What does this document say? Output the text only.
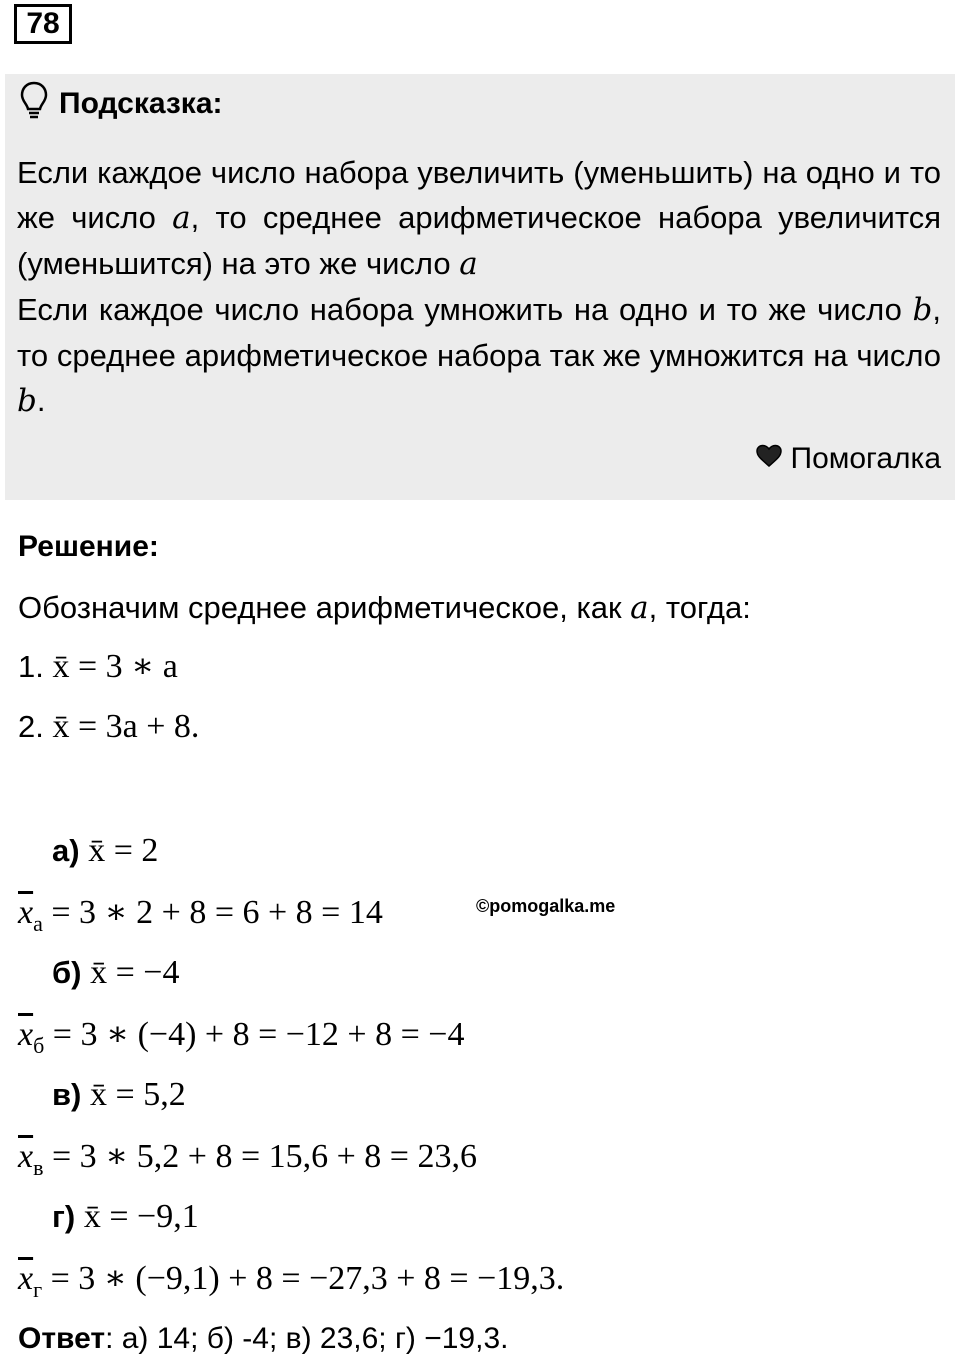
78
Подсказка:

Если каждое число набора увеличить (уменьшить) на одно и то же число a, то среднее арифметическое набора увеличится (уменьшится) на это же число a

Если каждое число набора умножить на одно и то же число b, то среднее арифметическое набора так же умножится на число b.

Помогалка
Решение:
Обозначим среднее арифметическое, как a, тогда:
1. x̄ = 3 ∗ a
2. x̄ = 3a + 8.
а) x̄ = 2
$\overline{x}_а = 3$ ∗ 2 + 8 = 6 + 8 = 14	©pomogalka.me
б) x̄ = −4
$\overline{x}_б = 3$ ∗ (−4) + 8 = −12 + 8 = −4
в) x̄ = 5,2
$\overline{x}_в = 3$ ∗ 5,2 + 8 = 15,6 + 8 = 23,6
г) x̄ = −9,1
$\overline{x}_г = 3$ ∗ (−9,1) + 8 = −27,3 + 8 = −19,3.
Ответ: а) 14; б) -4; в) 23,6; г) −19,3.
